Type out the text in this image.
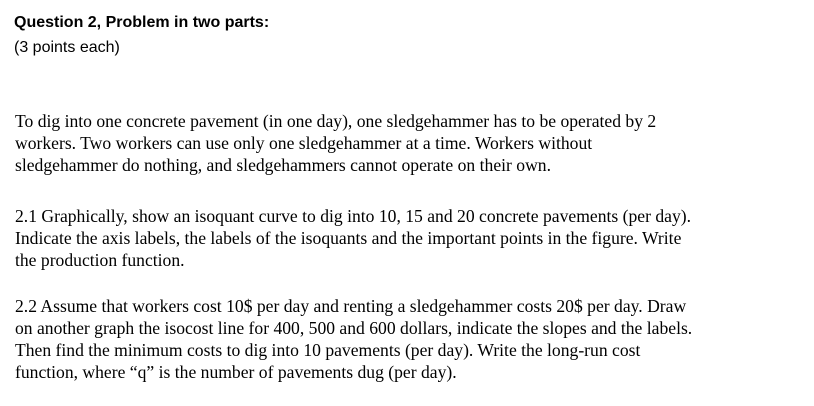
Question 2, Problem in two parts:
(3 points each)
To dig into one concrete pavement (in one day), one sledgehammer has to be operated by 2
workers. Two workers can use only one sledgehammer at a time. Workers without
sledgehammer do nothing, and sledgehammers cannot operate on their own.
2.1 Graphically, show an isoquant curve to dig into 10, 15 and 20 concrete pavements (per day).
Indicate the axis labels, the labels of the isoquants and the important points in the figure. Write
the production function.
2.2 Assume that workers cost 10$ per day and renting a sledgehammer costs 20$ per day. Draw
on another graph the isocost line for 400, 500 and 600 dollars, indicate the slopes and the labels.
Then find the minimum costs to dig into 10 pavements (per day). Write the long-run cost
function, where “q” is the number of pavements dug (per day).
